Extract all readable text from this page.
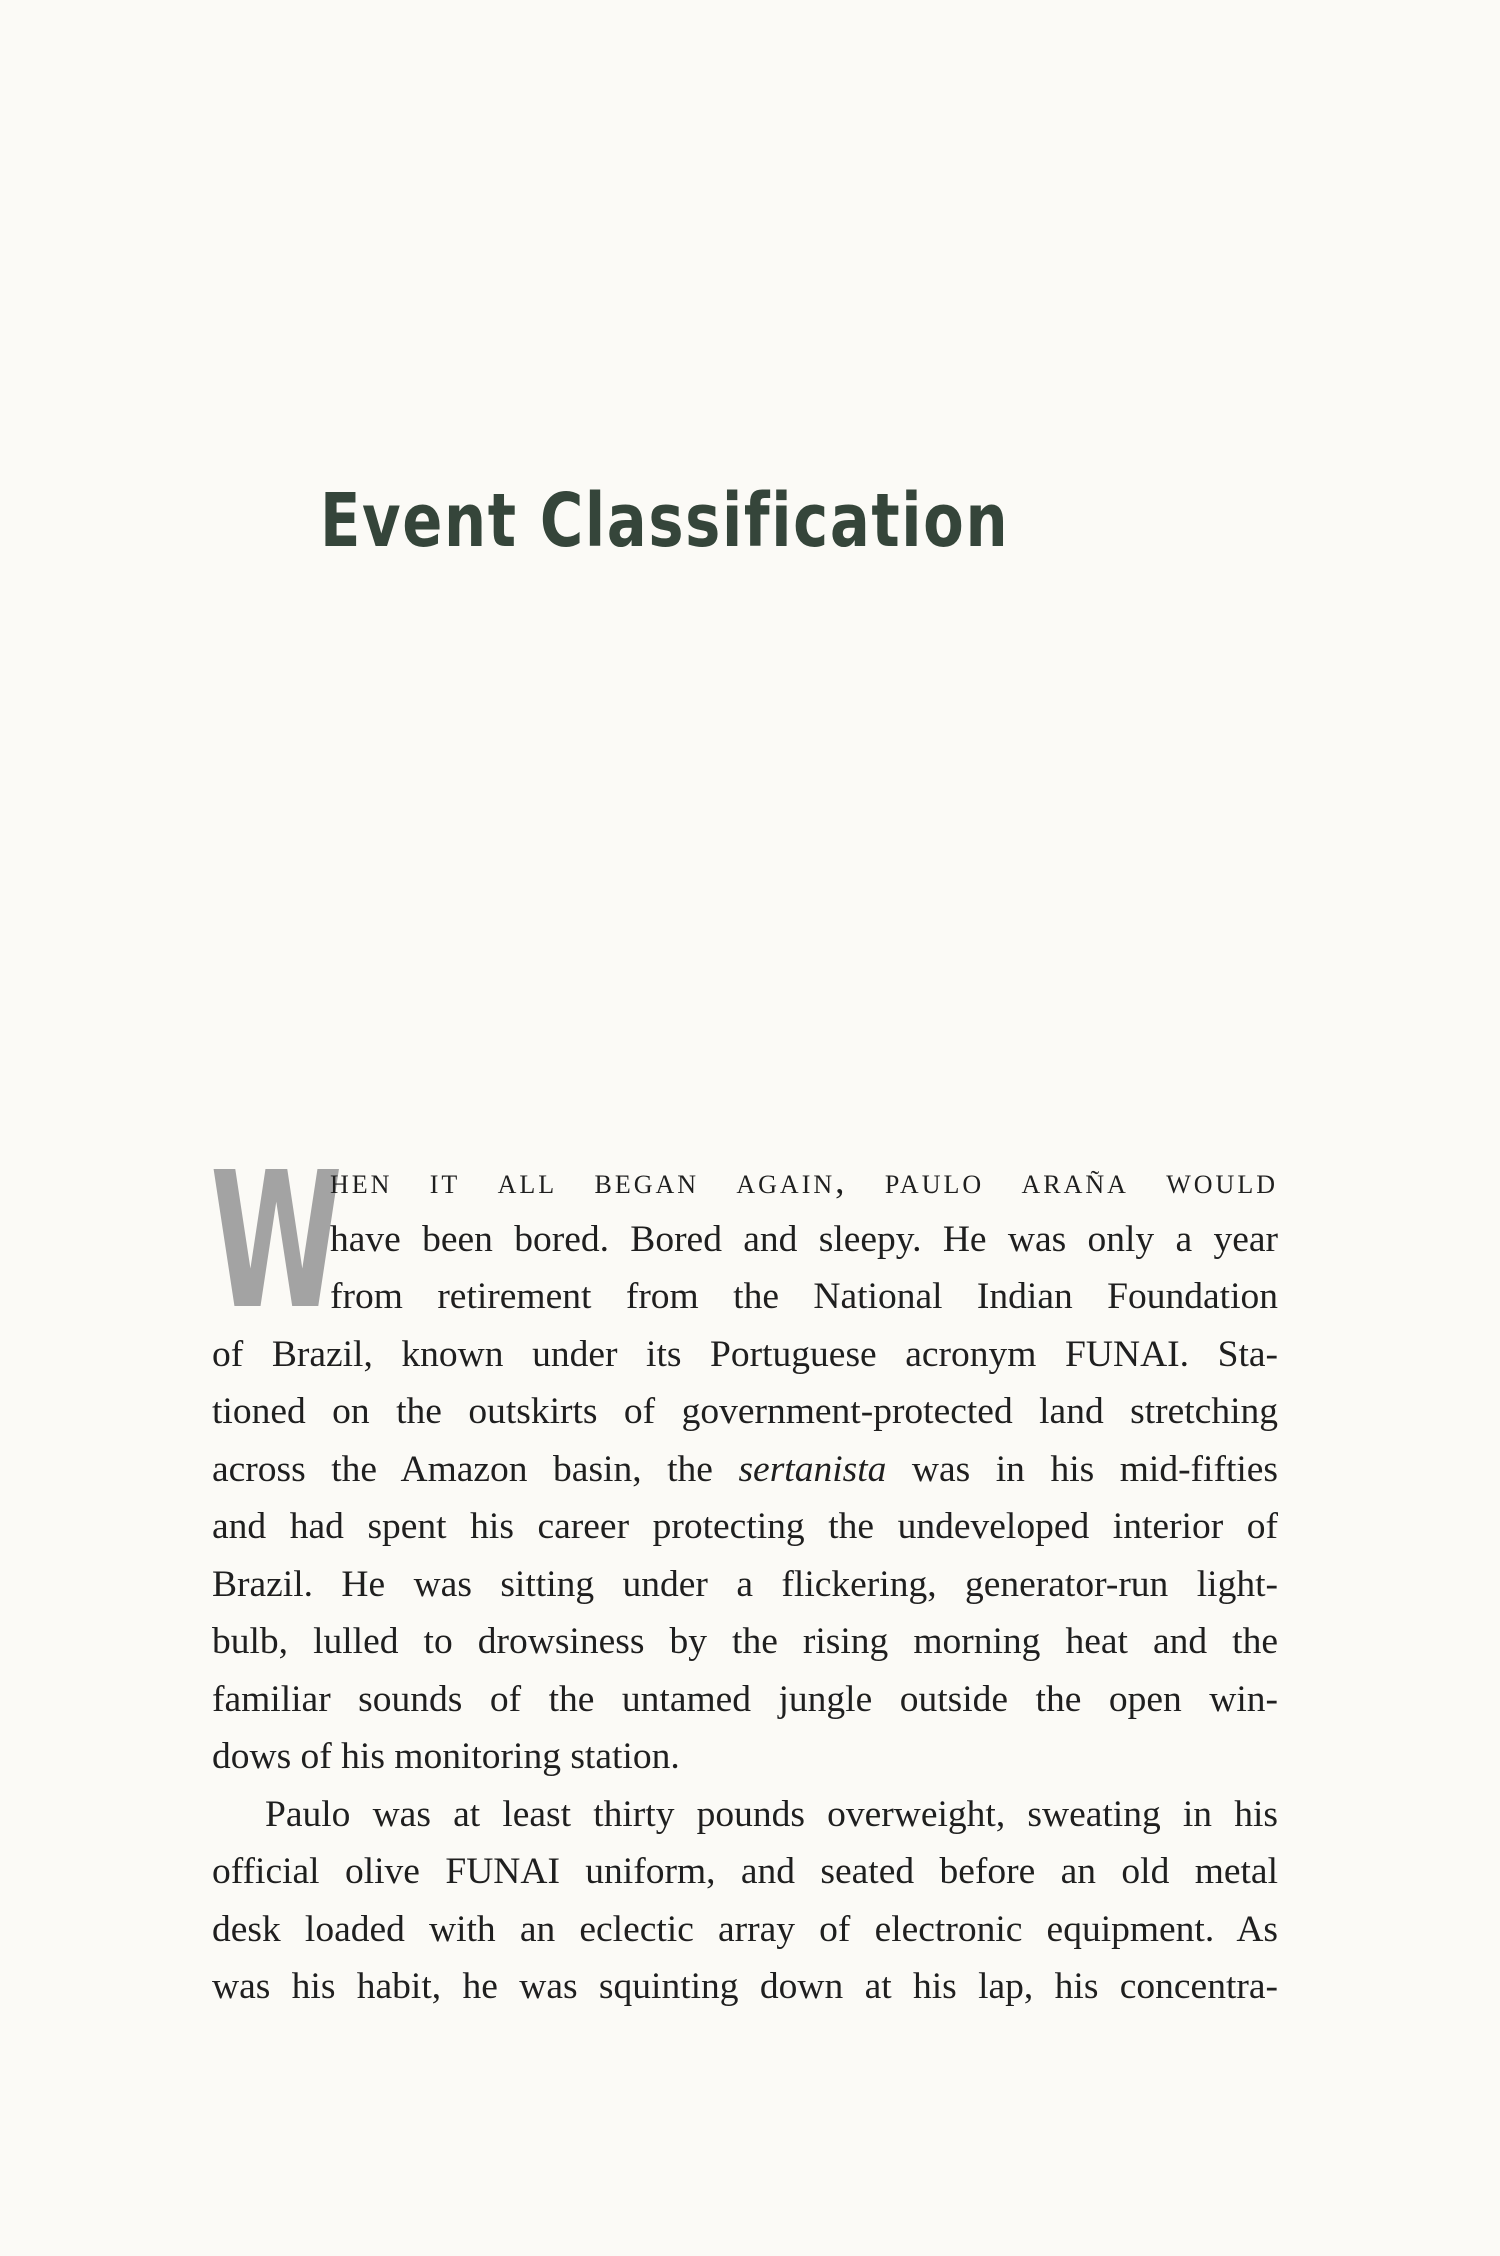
Event Classification
W
hen it all began again, paulo araña would
have been bored. Bored and sleepy. He was only a year
from retirement from the National Indian Foundation
of Brazil, known under its Portuguese acronym FUNAI. Sta-
tioned on the outskirts of government-protected land stretching
across the Amazon basin, the sertanista was in his mid-fifties
and had spent his career protecting the undeveloped interior of
Brazil. He was sitting under a flickering, generator-run light-
bulb, lulled to drowsiness by the rising morning heat and the
familiar sounds of the untamed jungle outside the open win-
dows of his monitoring station.
Paulo was at least thirty pounds overweight, sweating in his
official olive FUNAI uniform, and seated before an old metal
desk loaded with an eclectic array of electronic equipment. As
was his habit, he was squinting down at his lap, his concentra-
